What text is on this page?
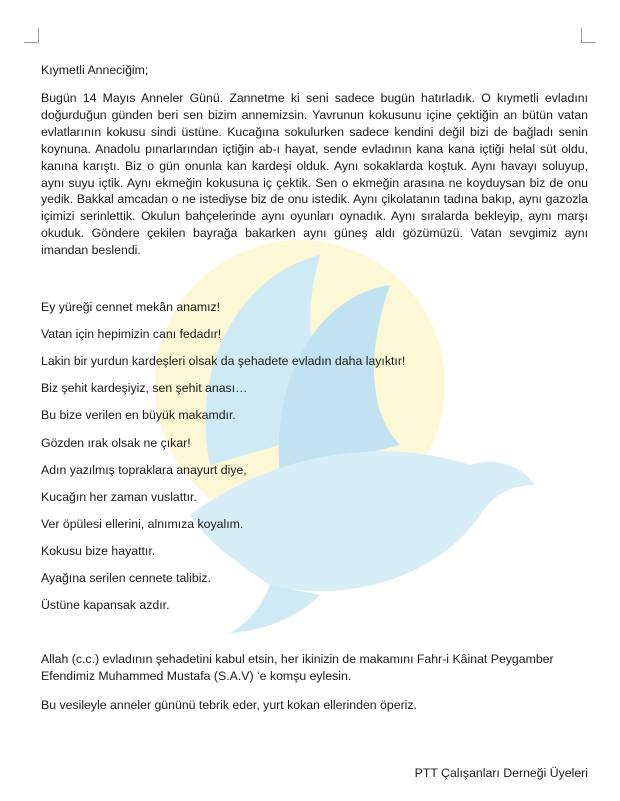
Kıymetli Anneciğim;

Bugün 14 Mayıs Anneler Günü. Zannetme ki seni sadece bugün hatırladık. O kıymetli evladını doğurduğun günden beri sen bizim annemizsin. Yavrunun kokusunu içine çektiğin an bütün vatan evlatlarının kokusu sindi üstüne. Kucağına sokulurken sadece kendini değil bizi de bağladı senin koynuna. Anadolu pınarlarından içtiğin ab-ı hayat, sende evladının kana kana içtiği helal süt oldu, kanına karıştı. Biz o gün onunla kan kardeşi olduk. Aynı sokaklarda koştuk. Aynı havayı soluyup, aynı suyu içtik. Aynı ekmeğin kokusuna iç çektik. Sen o ekmeğin arasına ne koyduysan biz de onu yedik. Bakkal amcadan o ne istediyse biz de onu istedik. Aynı çikolatanın tadına bakıp, aynı gazozla içimizi serinlettik. Okulun bahçelerinde aynı oyunları oynadık. Aynı sıralarda bekleyip, aynı marşı okuduk. Göndere çekilen bayrağa bakarken aynı güneş aldı gözümüzü. Vatan sevgimiz aynı imandan beslendi.

Ey yüreği cennet mekân anamız!

Vatan için hepimizin canı fedadır!

Lakin bir yurdun kardeşleri olsak da şehadete evladın daha layıktır!

Biz şehit kardeşiyiz, sen şehit anası…

Bu bize verilen en büyük makamdır.

Gözden ırak olsak ne çıkar!

Adın yazılmış topraklara anayurt diye,

Kucağın her zaman vuslattır.

Ver öpülesi ellerini, alnımıza koyalım.

Kokusu bize hayattır.

Ayağına serilen cennete talibiz.

Üstüne kapansak azdır.

Allah (c.c.) evladının şehadetini kabul etsin, her ikinizin de makamını Fahr-i Kâinat Peygamber Efendimiz Muhammed Mustafa (S.A.V) ‘e komşu eylesin.

Bu vesileyle anneler gününü tebrik eder, yurt kokan ellerinden öperiz.

PTT Çalışanları Derneği Üyeleri
